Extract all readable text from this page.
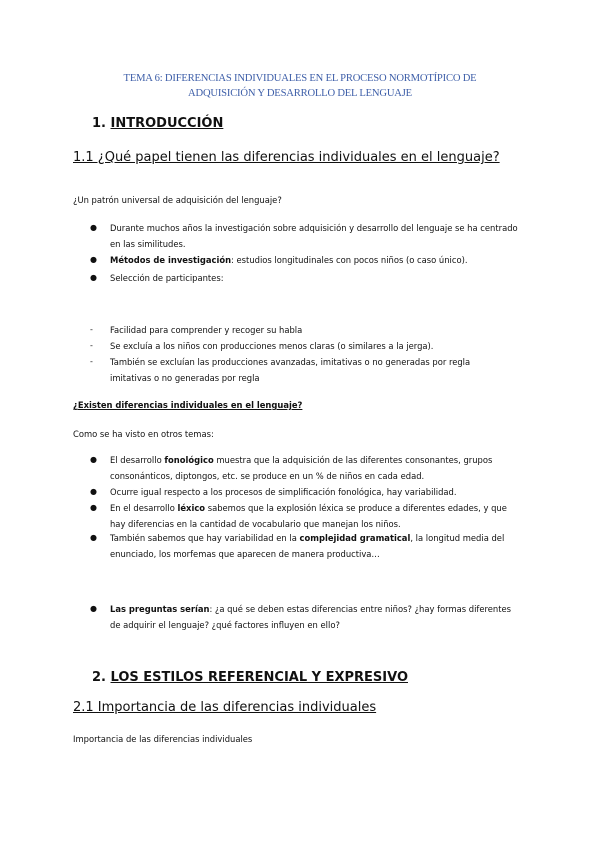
TEMA 6: DIFERENCIAS INDIVIDUALES EN EL PROCESO NORMOTÍPICO DE
ADQUISICIÓN Y DESARROLLO DEL LENGUAJE
1. INTRODUCCIÓN
1.1 ¿Qué papel tienen las diferencias individuales en el lenguaje?
¿Un patrón universal de adquisición del lenguaje?
● Durante muchos años la investigación sobre adquisición y desarrollo del lenguaje se ha centrado en las similitudes.
● Métodos de investigación: estudios longitudinales con pocos niños (o caso único).
● Selección de participantes:
- Facilidad para comprender y recoger su habla
- Se excluía a los niños con producciones menos claras (o similares a la jerga).
- También se excluían las producciones avanzadas, imitativas o no generadas por regla
imitativas o no generadas por regla
¿Existen diferencias individuales en el lenguaje?
Como se ha visto en otros temas:
● El desarrollo fonológico muestra que la adquisición de las diferentes consonantes, grupos
consonánticos, diptongos, etc. se produce en un % de niños en cada edad.
● Ocurre igual respecto a los procesos de simplificación fonológica, hay variabilidad.
● En el desarrollo léxico sabemos que la explosión léxica se produce a diferentes edades, y que
hay diferencias en la cantidad de vocabulario que manejan los niños.
● También sabemos que hay variabilidad en la complejidad gramatical, la longitud media del
enunciado, los morfemas que aparecen de manera productiva…
● Las preguntas serían: ¿a qué se deben estas diferencias entre niños? ¿hay formas diferentes
de adquirir el lenguaje? ¿qué factores influyen en ello?
2. LOS ESTILOS REFERENCIAL Y EXPRESIVO
2.1 Importancia de las diferencias individuales
Importancia de las diferencias individuales
